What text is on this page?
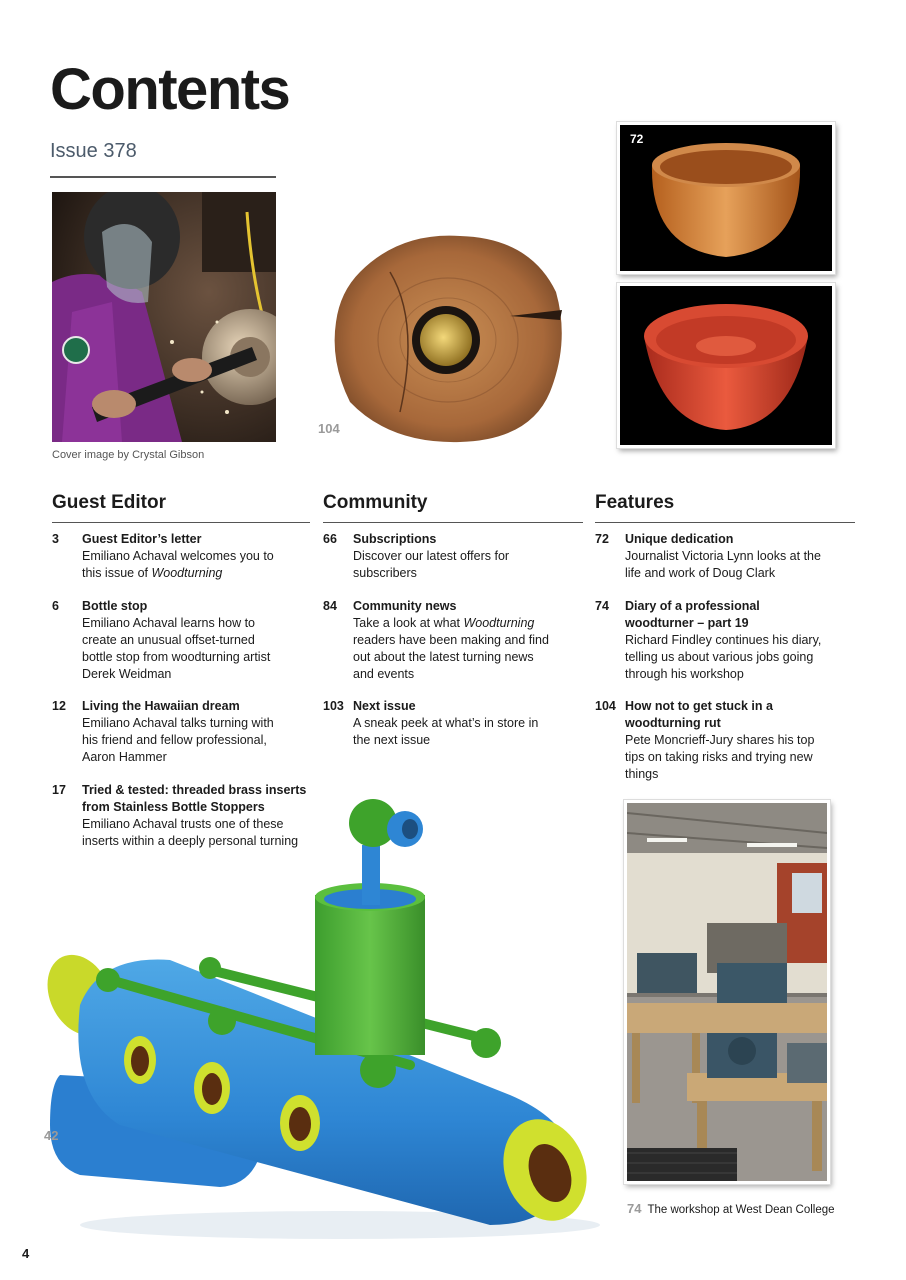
Contents
Issue 378
Cover image by Crystal Gibson
104
72
Guest Editor	Community	Features
3 Guest Editor’s letter
Emiliano Achaval welcomes you to this issue of Woodturning
6 Bottle stop
Emiliano Achaval learns how to create an unusual offset-turned bottle stop from woodturning artist Derek Weidman
12 Living the Hawaiian dream
Emiliano Achaval talks turning with his friend and fellow professional, Aaron Hammer
17 Tried & tested: threaded brass inserts from Stainless Bottle Stoppers
Emiliano Achaval trusts one of these inserts within a deeply personal turning
66 Subscriptions
Discover our latest offers for subscribers
84 Community news
Take a look at what Woodturning readers have been making and find out about the latest turning news and events
103 Next issue
A sneak peek at what’s in store in the next issue
72 Unique dedication
Journalist Victoria Lynn looks at the life and work of Doug Clark
74 Diary of a professional woodturner – part 19
Richard Findley continues his diary, telling us about various jobs going through his workshop
104 How not to get stuck in a woodturning rut
Pete Moncrieff-Jury shares his top tips on taking risks and trying new things
42
74 The workshop at West Dean College
4
